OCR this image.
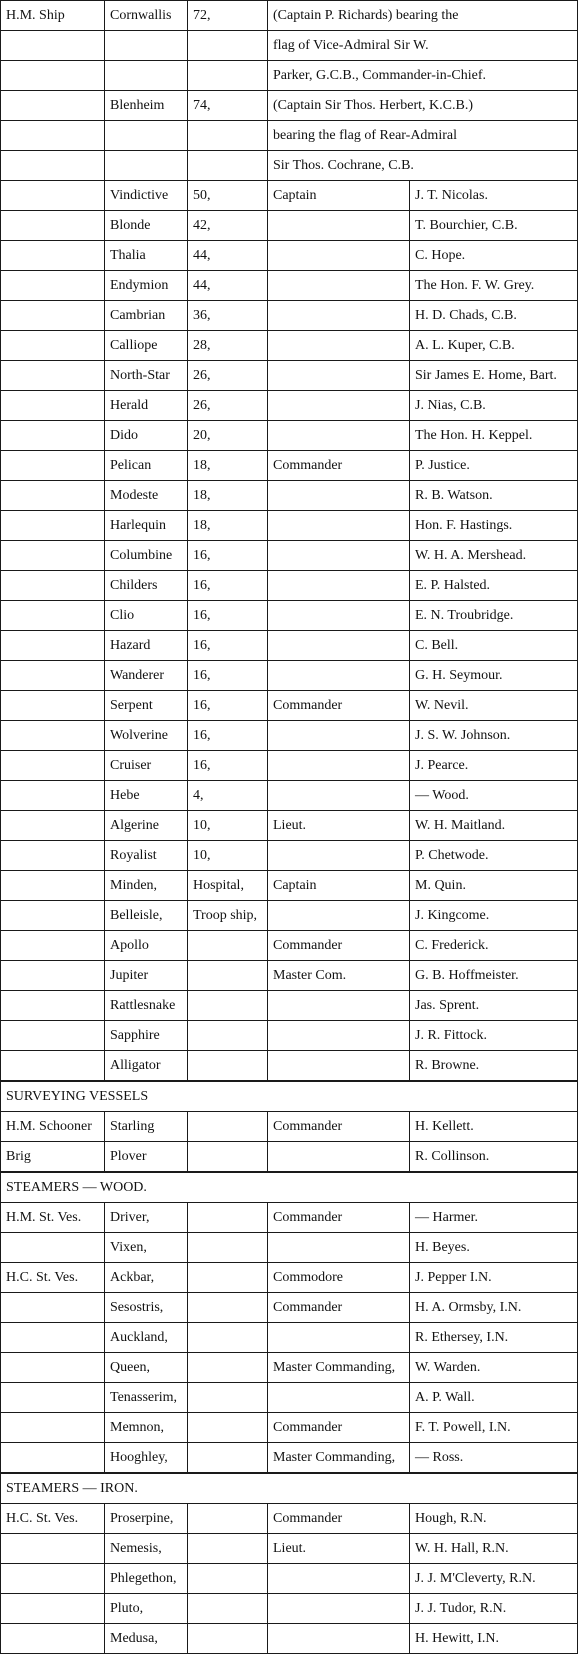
H.M. Ship	Cornwallis	72,	(Captain P. Richards) bearing the	
			flag of Vice-Admiral Sir W.	
			Parker, G.C.B., Commander-in-Chief.	
	Blenheim	74,	(Captain Sir Thos. Herbert, K.C.B.)	
			bearing the flag of Rear-Admiral	
			Sir Thos. Cochrane, C.B.	
	Vindictive	50,	Captain	J. T. Nicolas.
	Blonde	42,		T. Bourchier, C.B.
	Thalia	44,		C. Hope.
	Endymion	44,		The Hon. F. W. Grey.
	Cambrian	36,		H. D. Chads, C.B.
	Calliope	28,		A. L. Kuper, C.B.
	North-Star	26,		Sir James E. Home, Bart.
	Herald	26,		J. Nias, C.B.
	Dido	20,		The Hon. H. Keppel.
	Pelican	18,	Commander	P. Justice.
	Modeste	18,		R. B. Watson.
	Harlequin	18,		Hon. F. Hastings.
	Columbine	16,		W. H. A. Mershead.
	Childers	16,		E. P. Halsted.
	Clio	16,		E. N. Troubridge.
	Hazard	16,		C. Bell.
	Wanderer	16,		G. H. Seymour.
	Serpent	16,	Commander	W. Nevil.
	Wolverine	16,		J. S. W. Johnson.
	Cruiser	16,		J. Pearce.
	Hebe	4,		— Wood.
	Algerine	10,	Lieut.	W. H. Maitland.
	Royalist	10,		P. Chetwode.
	Minden,	Hospital,	Captain	M. Quin.
	Belleisle,	Troop ship,		J. Kingcome.
	Apollo		Commander	C. Frederick.
	Jupiter		Master Com.	G. B. Hoffmeister.
	Rattlesnake			Jas. Sprent.
	Sapphire			J. R. Fittock.
	Alligator			R. Browne.
SURVEYING VESSELS				
H.M. Schooner	Starling		Commander	H. Kellett.
Brig	Plover			R. Collinson.
STEAMERS — WOOD.				
H.M. St. Ves.	Driver,		Commander	— Harmer.
	Vixen,			H. Beyes.
H.C. St. Ves.	Ackbar,		Commodore	J. Pepper I.N.
	Sesostris,		Commander	H. A. Ormsby, I.N.
	Auckland,			R. Ethersey, I.N.
	Queen,		Master Commanding,	W. Warden.
	Tenasserim,			A. P. Wall.
	Memnon,		Commander	F. T. Powell, I.N.
	Hooghley,		Master Commanding,	— Ross.
STEAMERS — IRON.				
H.C. St. Ves.	Proserpine,		Commander	Hough, R.N.
	Nemesis,		Lieut.	W. H. Hall, R.N.
	Phlegethon,			J. J. M'Cleverty, R.N.
	Pluto,			J. J. Tudor, R.N.
	Medusa,			H. Hewitt, I.N.
